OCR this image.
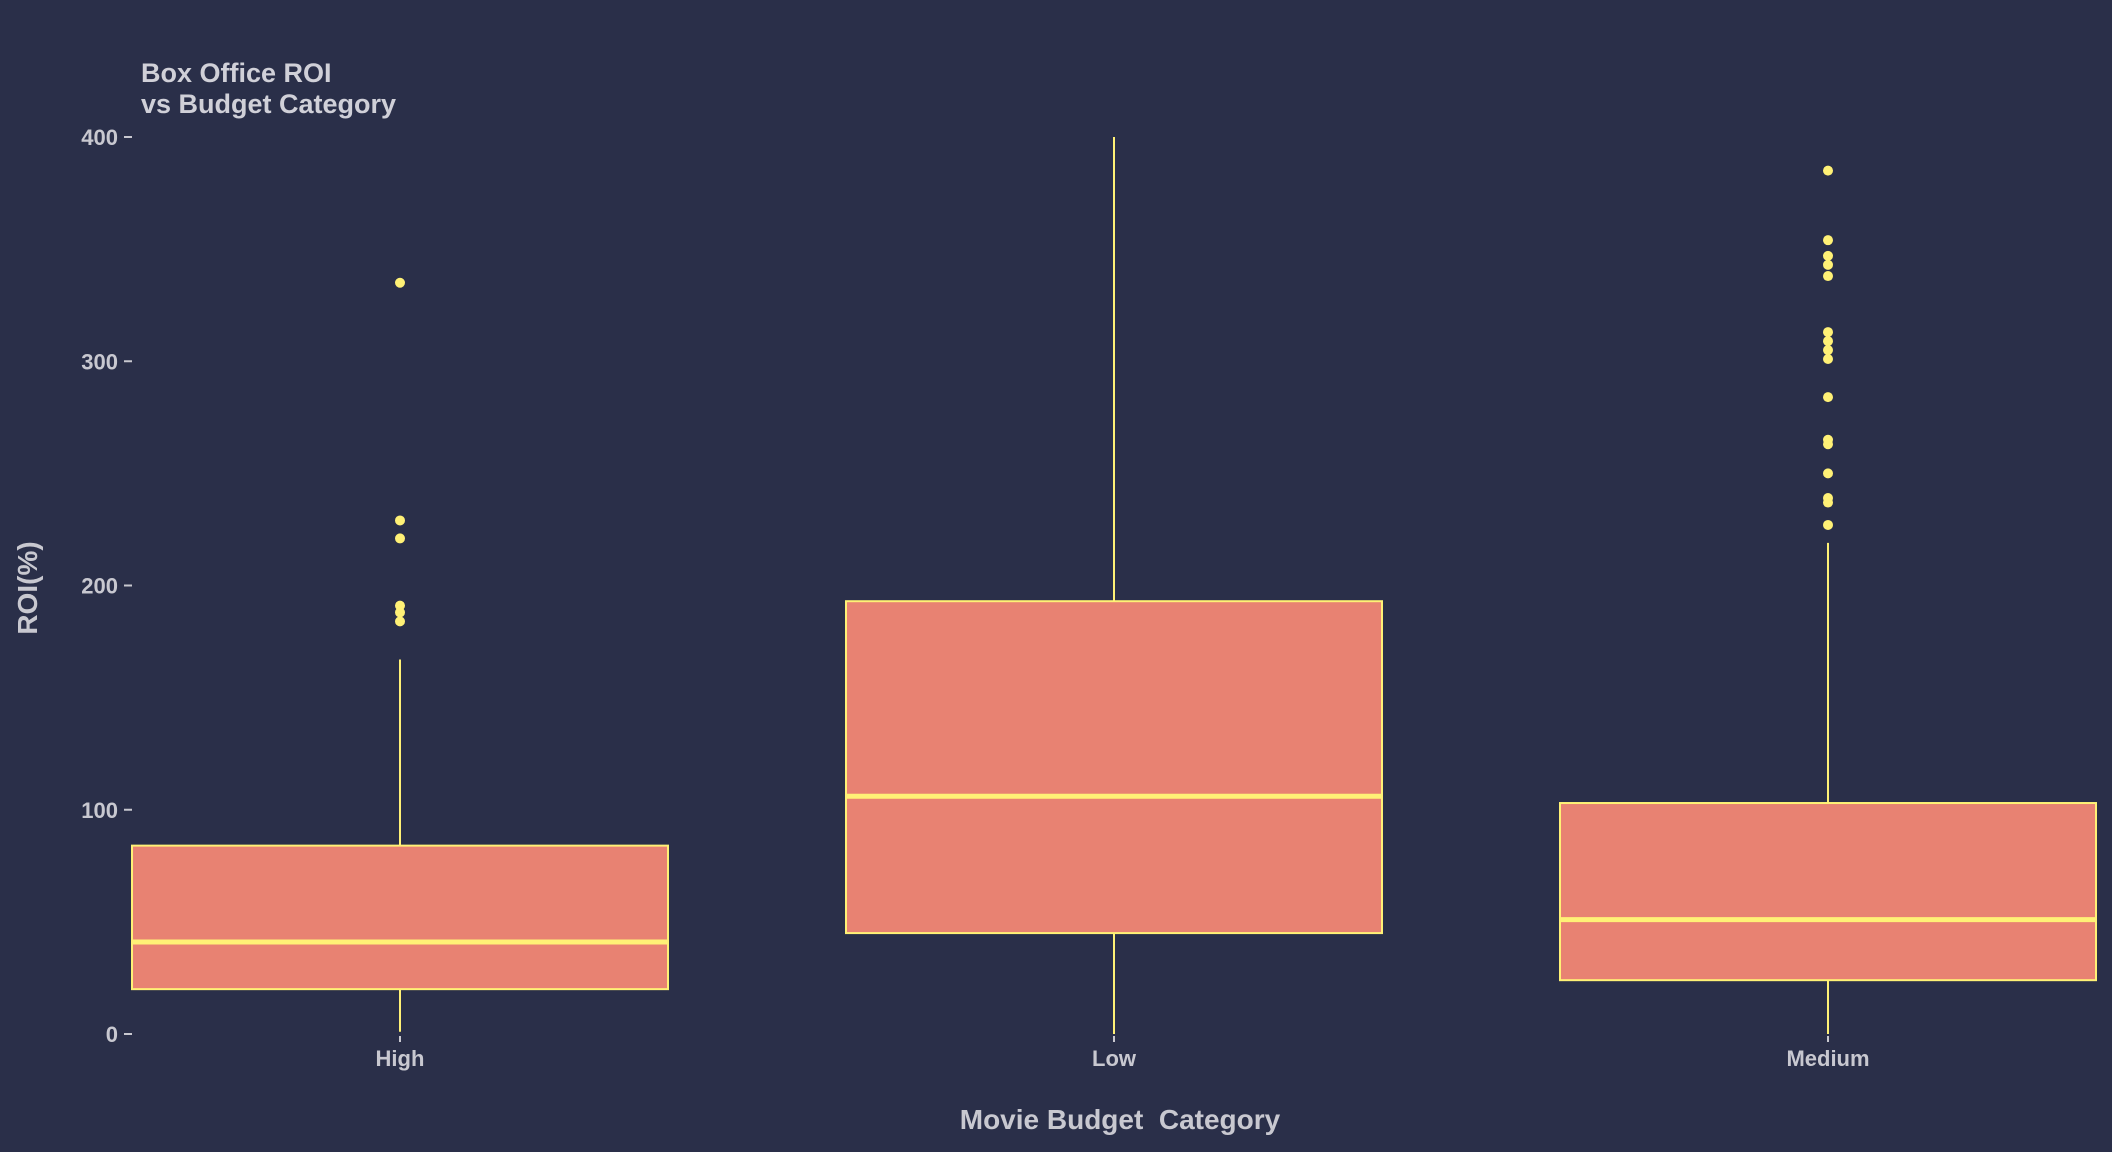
Box Office ROI
vs Budget Category
0
100
200
300
400
High	Low	Medium
ROI(%)
Movie Budget  Category
